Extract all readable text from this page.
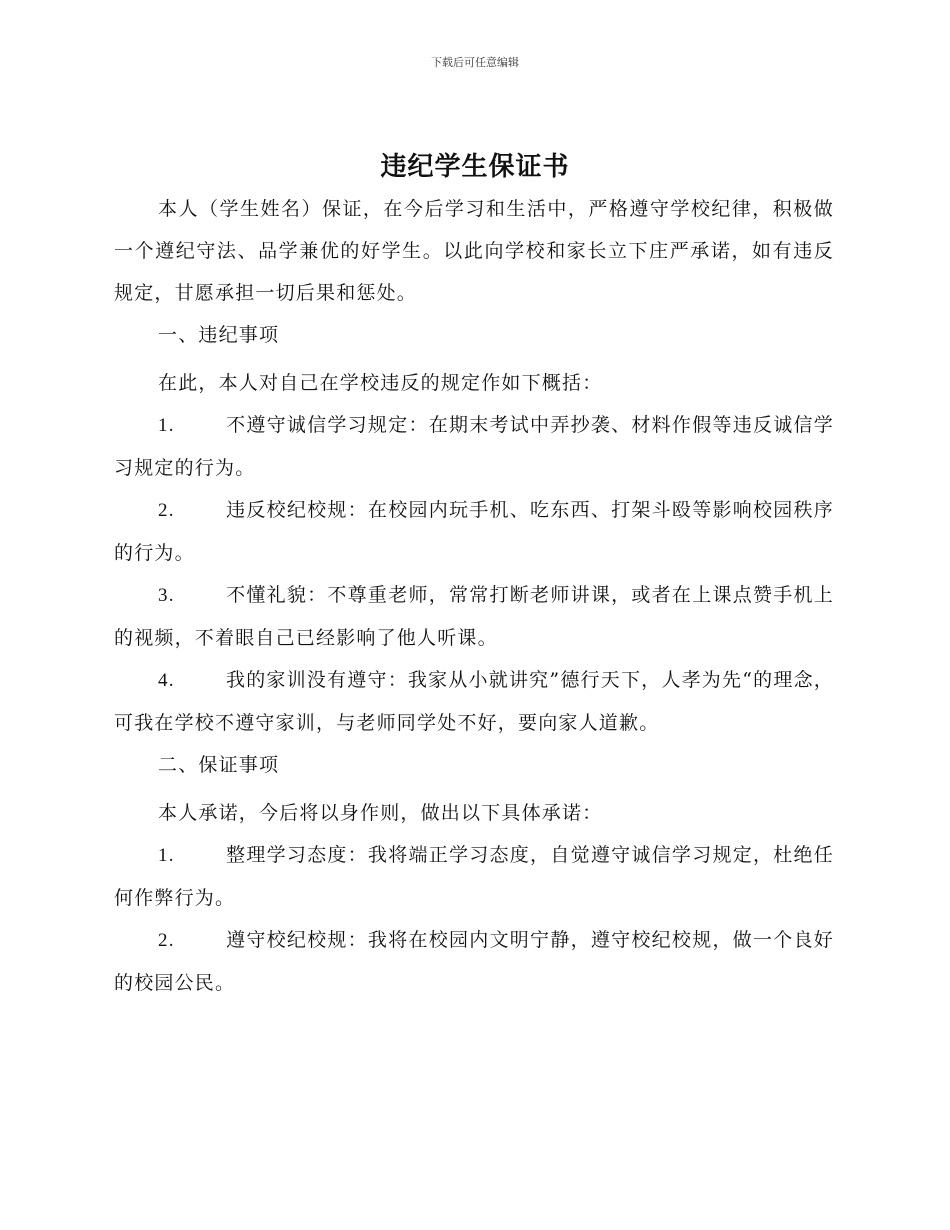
下载后可任意编辑
违纪学生保证书

本人（学生姓名）保证，在今后学习和生活中，严格遵守学校纪律，积极做一个遵纪守法、品学兼优的好学生。以此向学校和家长立下庄严承诺，如有违反规定，甘愿承担一切后果和惩处。

一、违纪事项

在此，本人对自己在学校违反的规定作如下概括：

1.	不遵守诚信学习规定：在期末考试中弄抄袭、材料作假等违反诚信学习规定的行为。

2.	违反校纪校规：在校园内玩手机、吃东西、打架斗殴等影响校园秩序的行为。

3.	不懂礼貌：不尊重老师，常常打断老师讲课，或者在上课点赞手机上的视频，不着眼自己已经影响了他人听课。

4.	我的家训没有遵守：我家从小就讲究”德行天下，人孝为先“的理念，可我在学校不遵守家训，与老师同学处不好，要向家人道歉。

二、保证事项

本人承诺，今后将以身作则，做出以下具体承诺：

1.	整理学习态度：我将端正学习态度，自觉遵守诚信学习规定，杜绝任何作弊行为。

2.	遵守校纪校规：我将在校园内文明宁静，遵守校纪校规，做一个良好的校园公民。
